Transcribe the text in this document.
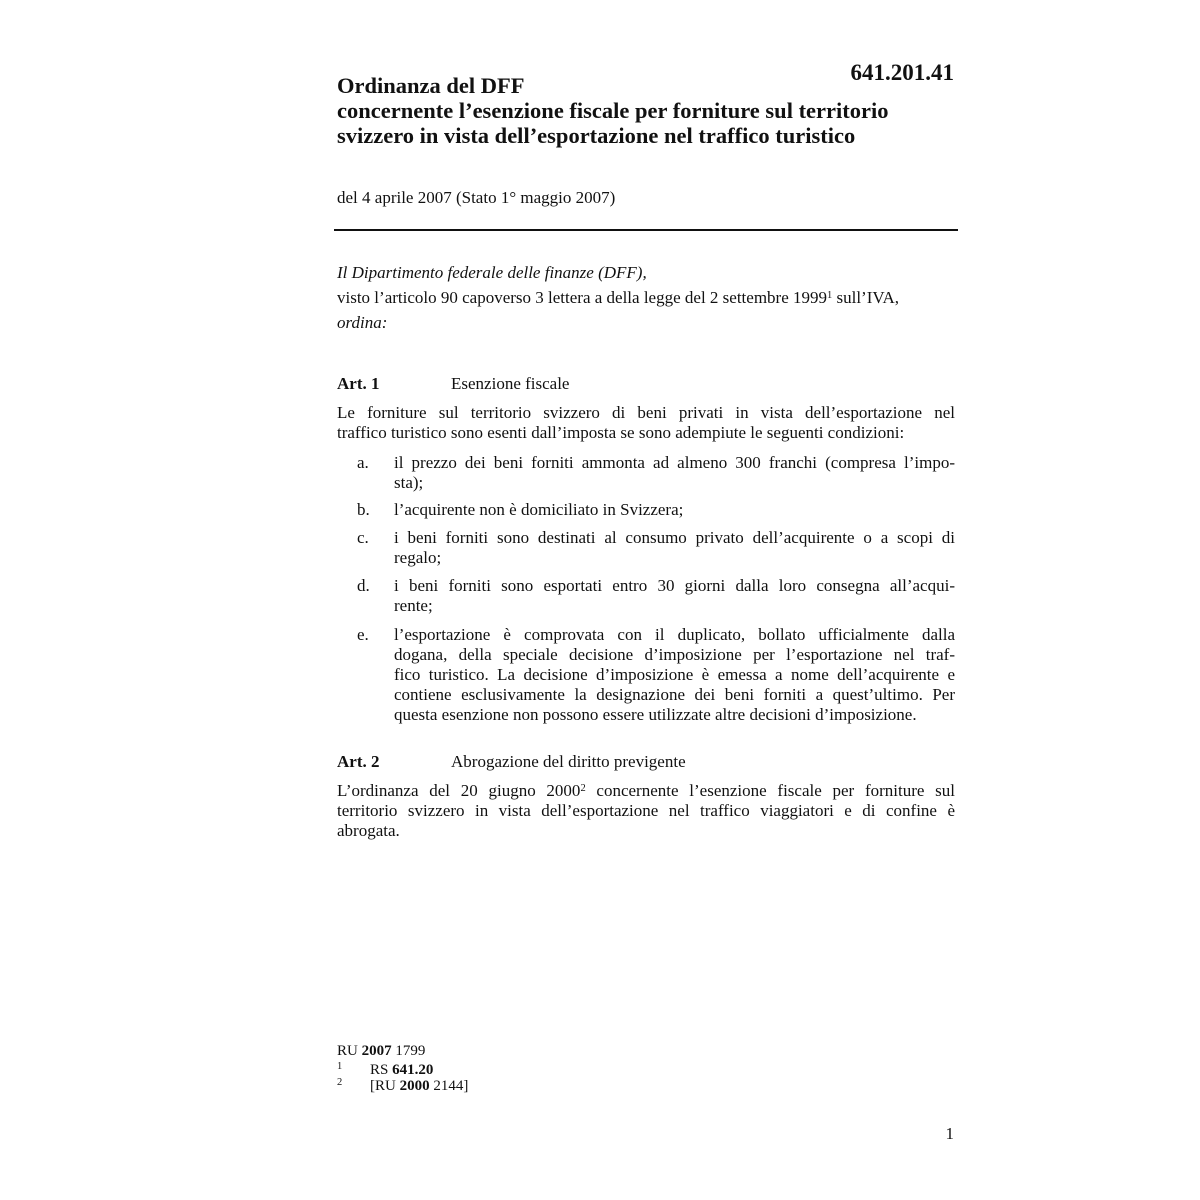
641.201.41
Ordinanza del DFF
concernente l’esenzione fiscale per forniture sul territorio
svizzero in vista dell’esportazione nel traffico turistico
del 4 aprile 2007 (Stato 1° maggio 2007)
Il Dipartimento federale delle finanze (DFF),
visto l’articolo 90 capoverso 3 lettera a della legge del 2 settembre 1999$^1$ sull’IVA,
ordina:
Art. 1	Esenzione fiscale
Le forniture sul territorio svizzero di beni privati in vista dell’esportazione nel
traffico turistico sono esenti dall’imposta se sono adempiute le seguenti condizioni:
a. il prezzo dei beni forniti ammonta ad almeno 300 franchi (compresa l’impo-
sta);
b. l’acquirente non è domiciliato in Svizzera;
c. i beni forniti sono destinati al consumo privato dell’acquirente o a scopi di
regalo;
d. i beni forniti sono esportati entro 30 giorni dalla loro consegna all’acqui-
rente;
e. l’esportazione è comprovata con il duplicato, bollato ufficialmente dalla
dogana, della speciale decisione d’imposizione per l’esportazione nel traf-
fico turistico. La decisione d’imposizione è emessa a nome dell’acquirente e
contiene esclusivamente la designazione dei beni forniti a quest’ultimo. Per
questa esenzione non possono essere utilizzate altre decisioni d’imposizione.
Art. 2	Abrogazione del diritto previgente
L’ordinanza del 20 giugno 2000$^2$ concernente l’esenzione fiscale per forniture sul
territorio svizzero in vista dell’esportazione nel traffico viaggiatori e di confine è
abrogata.
RU 2007 1799
1 RS 641.20
2 [RU 2000 2144]
1
